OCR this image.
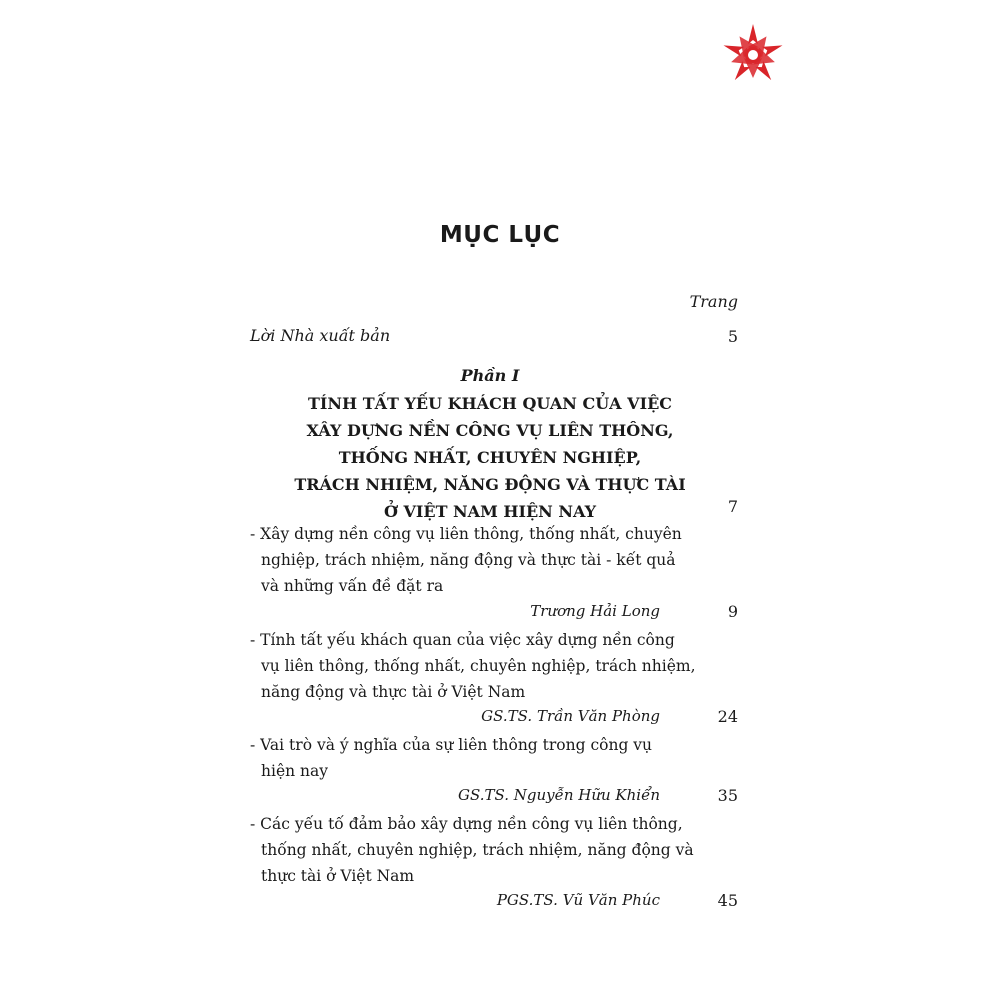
MỤC LỤC
Trang
Lời Nhà xuất bản	5
Phần I
TÍNH TẤT YẾU KHÁCH QUAN CỦA VIỆC
XÂY DỰNG NỀN CÔNG VỤ LIÊN THÔNG,
THỐNG NHẤT, CHUYÊN NGHIỆP,
TRÁCH NHIỆM, NĂNG ĐỘNG VÀ THỰC TÀI
Ở VIỆT NAM HIỆN NAY	7
- Xây dựng nền công vụ liên thông, thống nhất, chuyên
nghiệp, trách nhiệm, năng động và thực tài - kết quả
và những vấn đề đặt ra
Trương Hải Long	9
- Tính tất yếu khách quan của việc xây dựng nền công
vụ liên thông, thống nhất, chuyên nghiệp, trách nhiệm,
năng động và thực tài ở Việt Nam
GS.TS. Trần Văn Phòng	24
- Vai trò và ý nghĩa của sự liên thông trong công vụ
hiện nay
GS.TS. Nguyễn Hữu Khiển	35
- Các yếu tố đảm bảo xây dựng nền công vụ liên thông,
thống nhất, chuyên nghiệp, trách nhiệm, năng động và
thực tài ở Việt Nam
PGS.TS. Vũ Văn Phúc	45
